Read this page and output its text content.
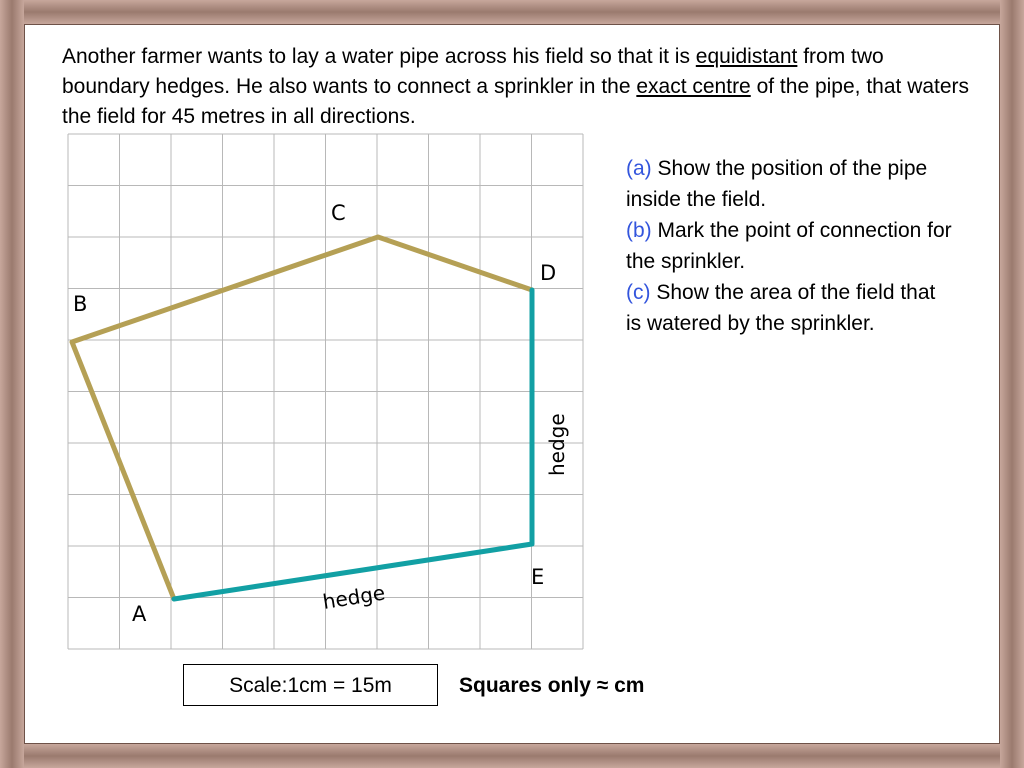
Another farmer wants to lay a water pipe across his field so that it is equidistant from two boundary hedges. He also wants to connect a sprinkler in the exact centre of the pipe, that waters the field for 45 metres in all directions.

(a) Show the position of the pipe inside the field.
(b) Mark the point of connection for the sprinkler.
(c) Show the area of the field that is watered by the sprinkler.

Scale:1cm = 15m	Squares only ≈ cm
C
D
B
E
A
hedge
hedge
